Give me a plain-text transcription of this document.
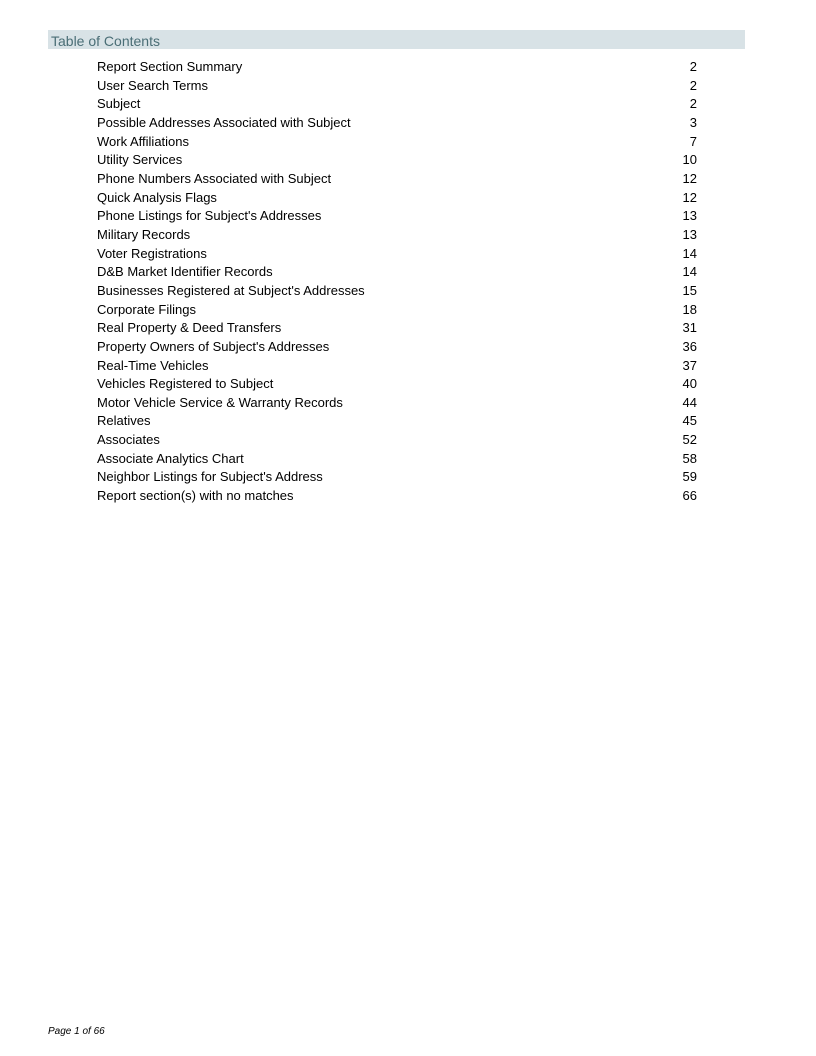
Table of Contents
Report Section Summary	2
User Search Terms	2
Subject	2
Possible Addresses Associated with Subject	3
Work Affiliations	7
Utility Services	10
Phone Numbers Associated with Subject	12
Quick Analysis Flags	12
Phone Listings for Subject's Addresses	13
Military Records	13
Voter Registrations	14
D&B Market Identifier Records	14
Businesses Registered at Subject's Addresses	15
Corporate Filings	18
Real Property & Deed Transfers	31
Property Owners of Subject's Addresses	36
Real-Time Vehicles	37
Vehicles Registered to Subject	40
Motor Vehicle Service & Warranty Records	44
Relatives	45
Associates	52
Associate Analytics Chart	58
Neighbor Listings for Subject's Address	59
Report section(s) with no matches	66
Page 1 of 66
